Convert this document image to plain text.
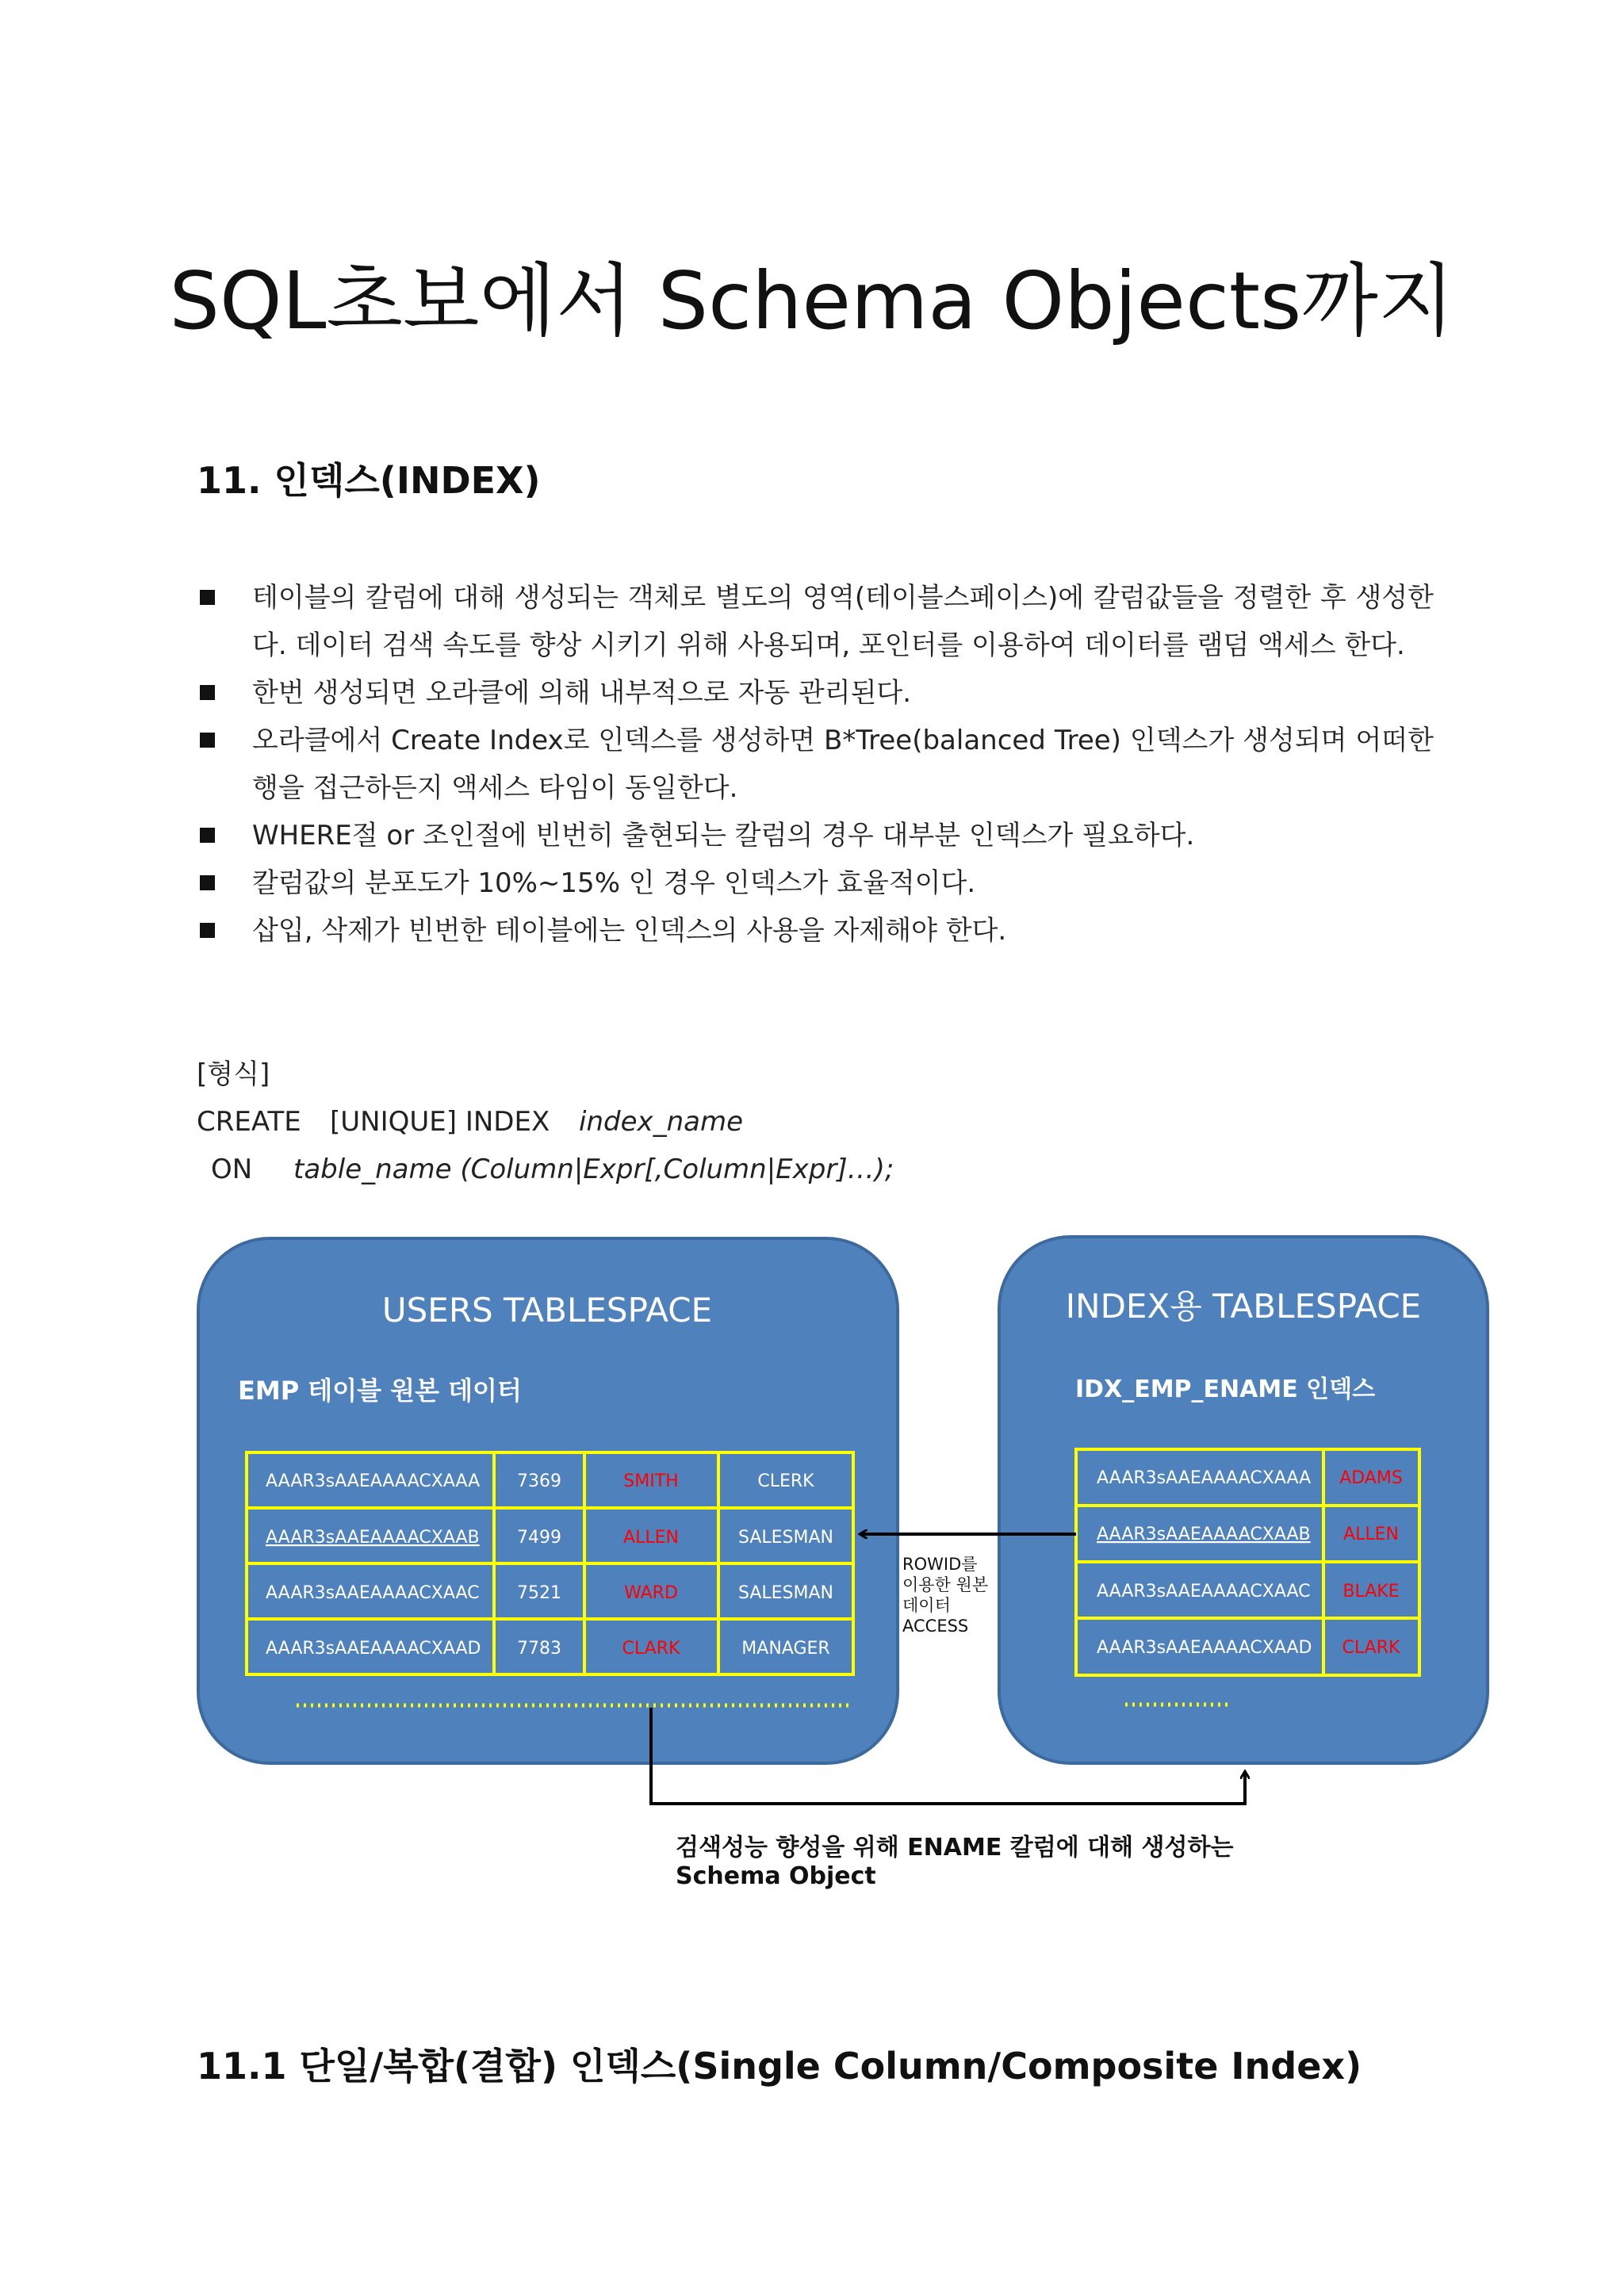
SQL초보에서 Schema Objects까지
11. 인덱스(INDEX)
테이블의 칼럼에 대해 생성되는 객체로 별도의 영역(테이블스페이스)에 칼럼값들을 정렬한 후 생성한다. 데이터 검색 속도를 향상 시키기 위해 사용되며, 포인터를 이용하여 데이터를 램덤 액세스 한다.
한번 생성되면 오라클에 의해 내부적으로 자동 관리된다.
오라클에서 Create Index로 인덱스를 생성하면 B*Tree(balanced Tree) 인덱스가 생성되며 어떠한 행을 접근하든지 액세스 타임이 동일한다.
WHERE절 or 조인절에 빈번히 출현되는 칼럼의 경우 대부분 인덱스가 필요하다.
칼럼값의 분포도가 10%~15% 인 경우 인덱스가 효율적이다.
삽입, 삭제가 빈번한 테이블에는 인덱스의 사용을 자제해야 한다.
[형식]
CREATE [UNIQUE] INDEX index_name
ON table_name (Column|Expr[,Column|Expr]…);
USERS TABLESPACE
EMP 테이블 원본 데이터
AAAR3sAAEAAAACXAAA 7369	SMITH	CLERK
AAAR3sAAEAAAACXAAB 7499	ALLEN	SALESMAN
AAAR3sAAEAAAACXAAC 7521	WARD	SALESMAN
AAAR3sAAEAAAACXAAD 7783	CLARK	MANAGER
INDEX용 TABLESPACE
IDX_EMP_ENAME 인덱스
AAAR3sAAEAAAACXAAA ADAMS
AAAR3sAAEAAAACXAAB ALLEN
AAAR3sAAEAAAACXAAC BLAKE
AAAR3sAAEAAAACXAAD CLARK
ROWID를
이용한 원본
데이터
ACCESS
검색성능 향성을 위해 ENAME 칼럼에 대해 생성하는
Schema Object
11.1 단일/복합(결합) 인덱스(Single Column/Composite Index)
